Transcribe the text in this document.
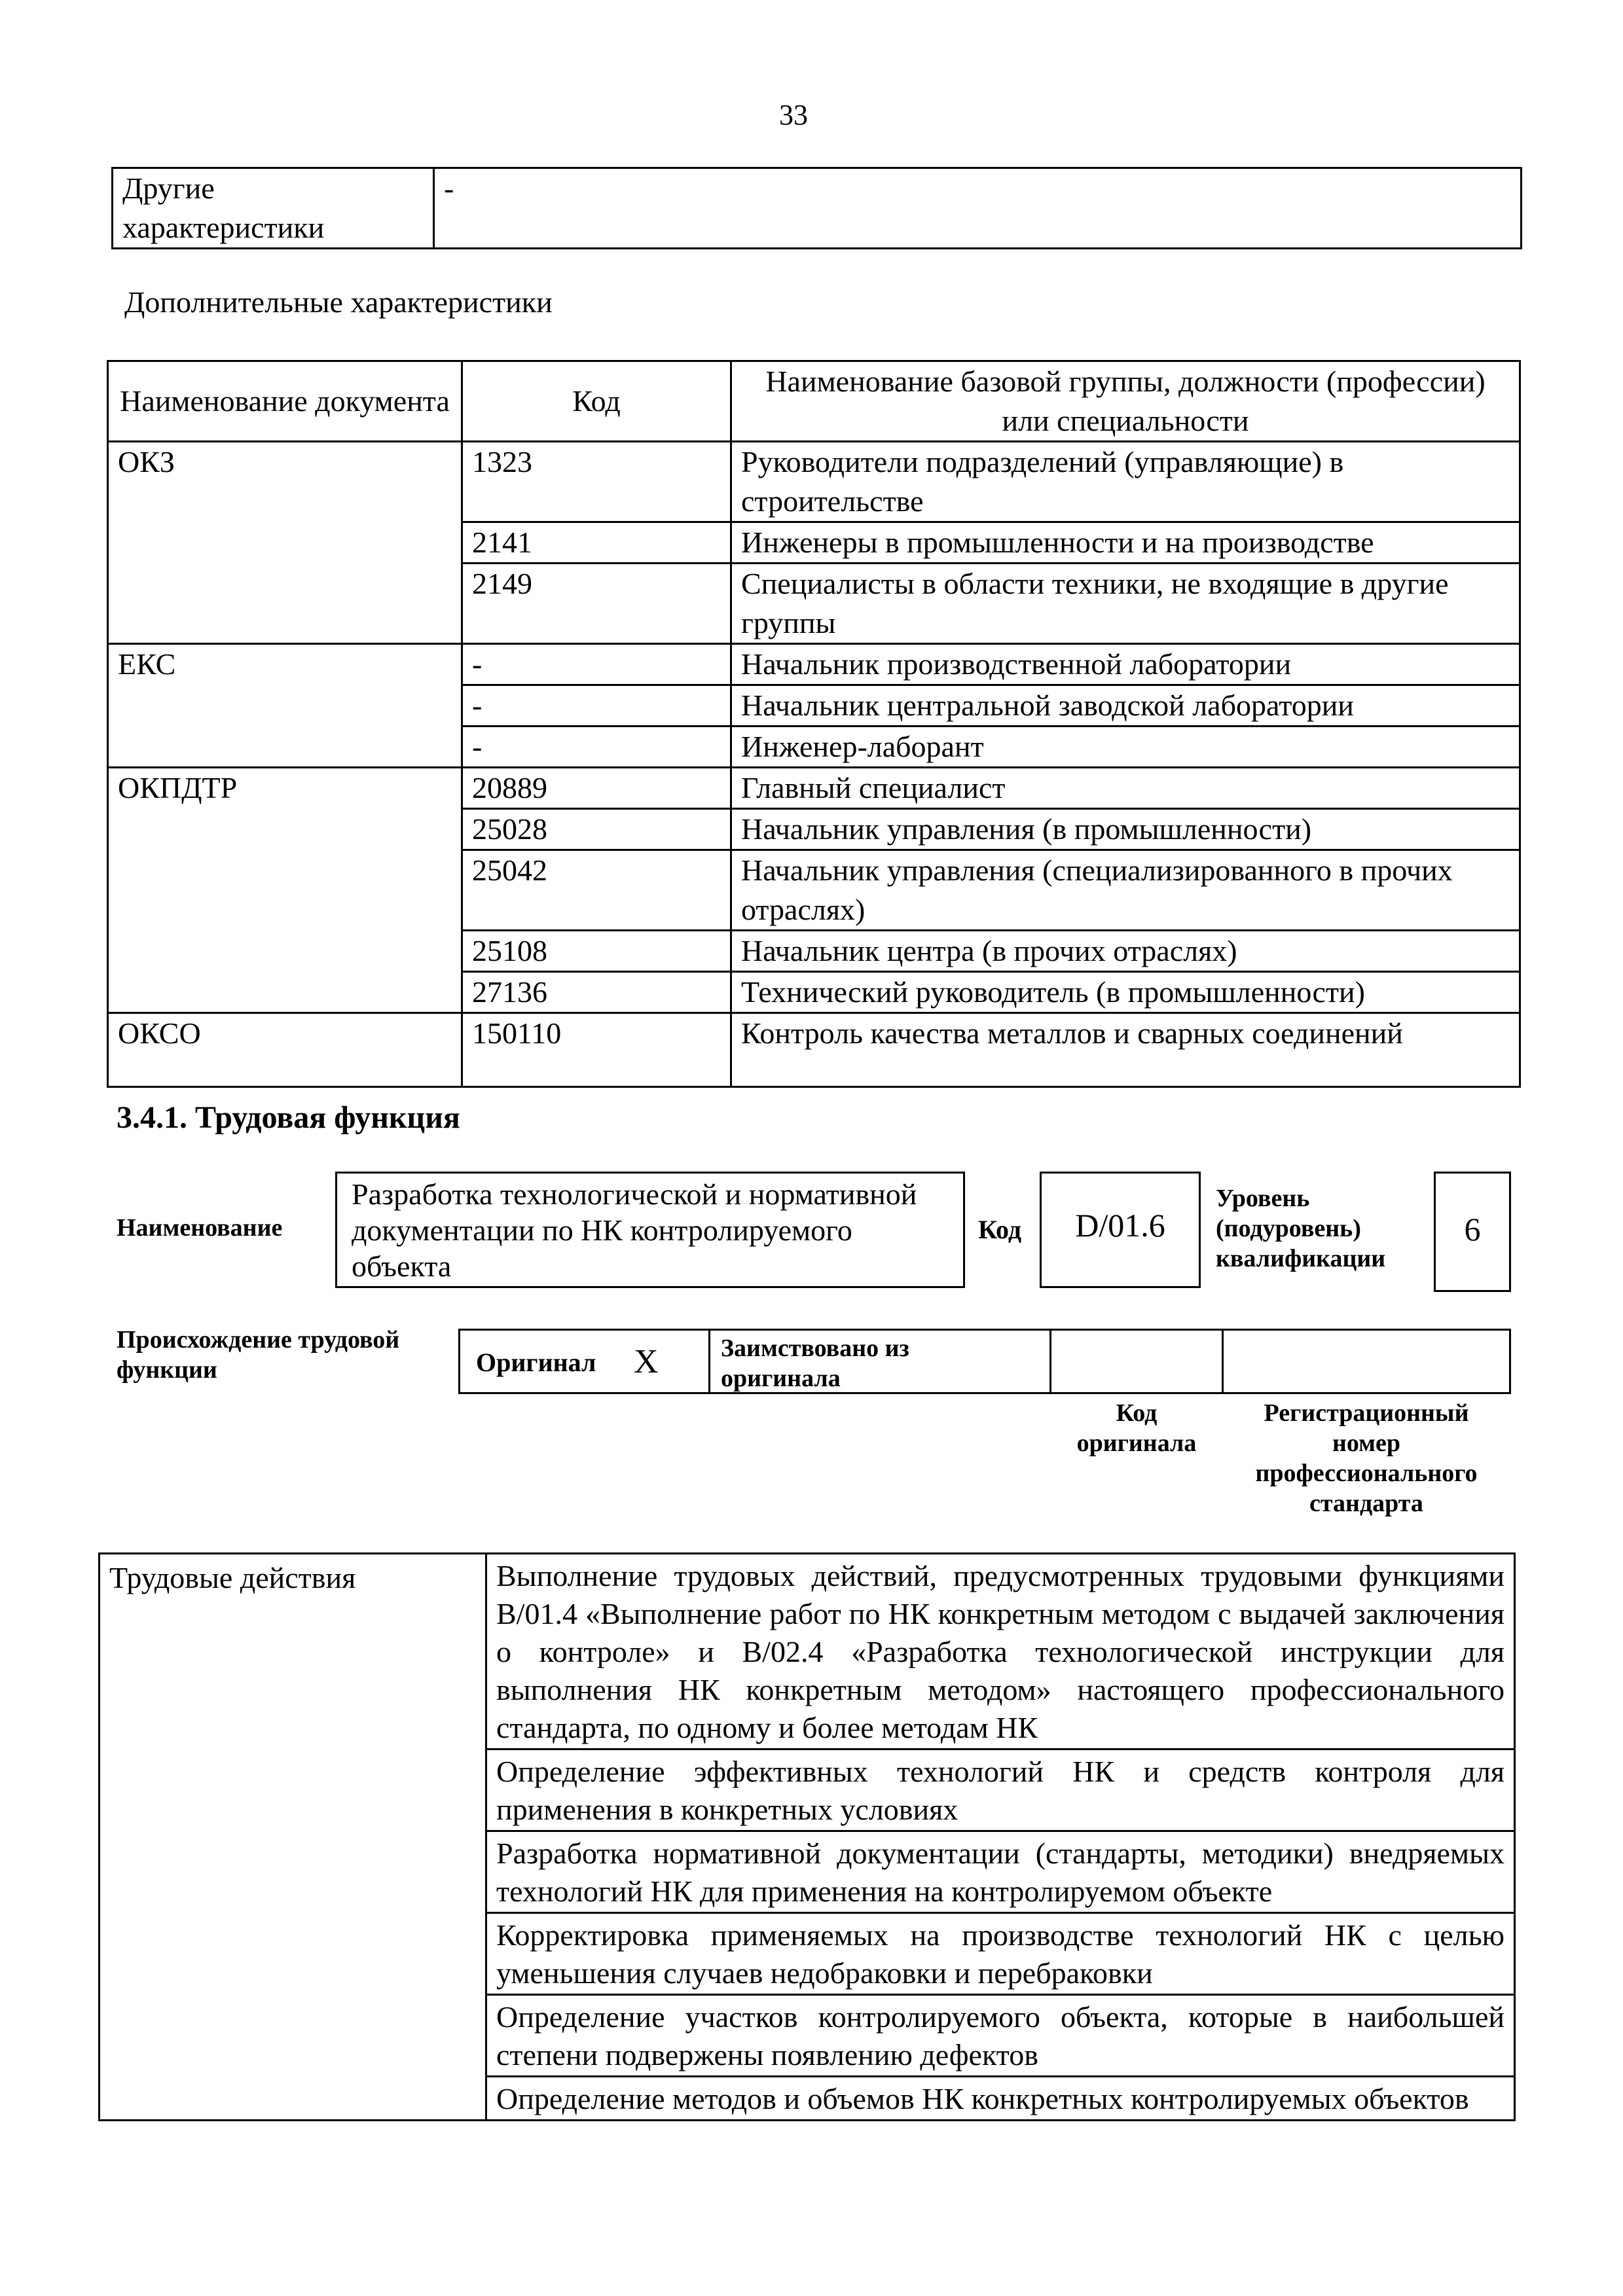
33
Другие
характеристики
	-
Дополнительные характеристики
Наименование документа	Код	Наименование базовой группы, должности (профессии) или специальности
ОКЗ	1323	Руководители подразделений (управляющие) в строительстве
	2141	Инженеры в промышленности и на производстве
	2149	Специалисты в области техники, не входящие в другие группы
ЕКС	-	Начальник производственной лаборатории
	-	Начальник центральной заводской лаборатории
	-	Инженер-лаборант
ОКПДТР	20889	Главный специалист
	25028	Начальник управления (в промышленности)
	25042	Начальник управления (специализированного в прочих отраслях)
	25108	Начальник центра (в прочих отраслях)
	27136	Технический руководитель (в промышленности)
ОКСО	150110	Контроль качества металлов и сварных соединений
3.4.1. Трудовая функция
Наименование
Разработка технологической и нормативной документации по НК контролируемого объекта
Код	D/01.6
Уровень
(подуровень)
квалификации
6
Происхождение трудовой
функции	Оригинал X	Заимствовано из
оригинала
Код
оригинала
Регистрационный
номер
профессионального
стандарта
Трудовые действия	Выполнение трудовых действий, предусмотренных трудовыми функциями В/01.4 «Выполнение работ по НК конкретным методом с выдачей заключения о контроле» и В/02.4 «Разработка технологической инструкции для выполнения НК конкретным методом» настоящего профессионального стандарта, по одному и более методам НК
Определение эффективных технологий НК и средств контроля для применения в конкретных условиях
Разработка нормативной документации (стандарты, методики) внедряемых технологий НК для применения на контролируемом объекте
Корректировка применяемых на производстве технологий НК с целью уменьшения случаев недобраковки и перебраковки
Определение участков контролируемого объекта, которые в наибольшей степени подвержены появлению дефектов
Определение методов и объемов НК конкретных контролируемых объектов
